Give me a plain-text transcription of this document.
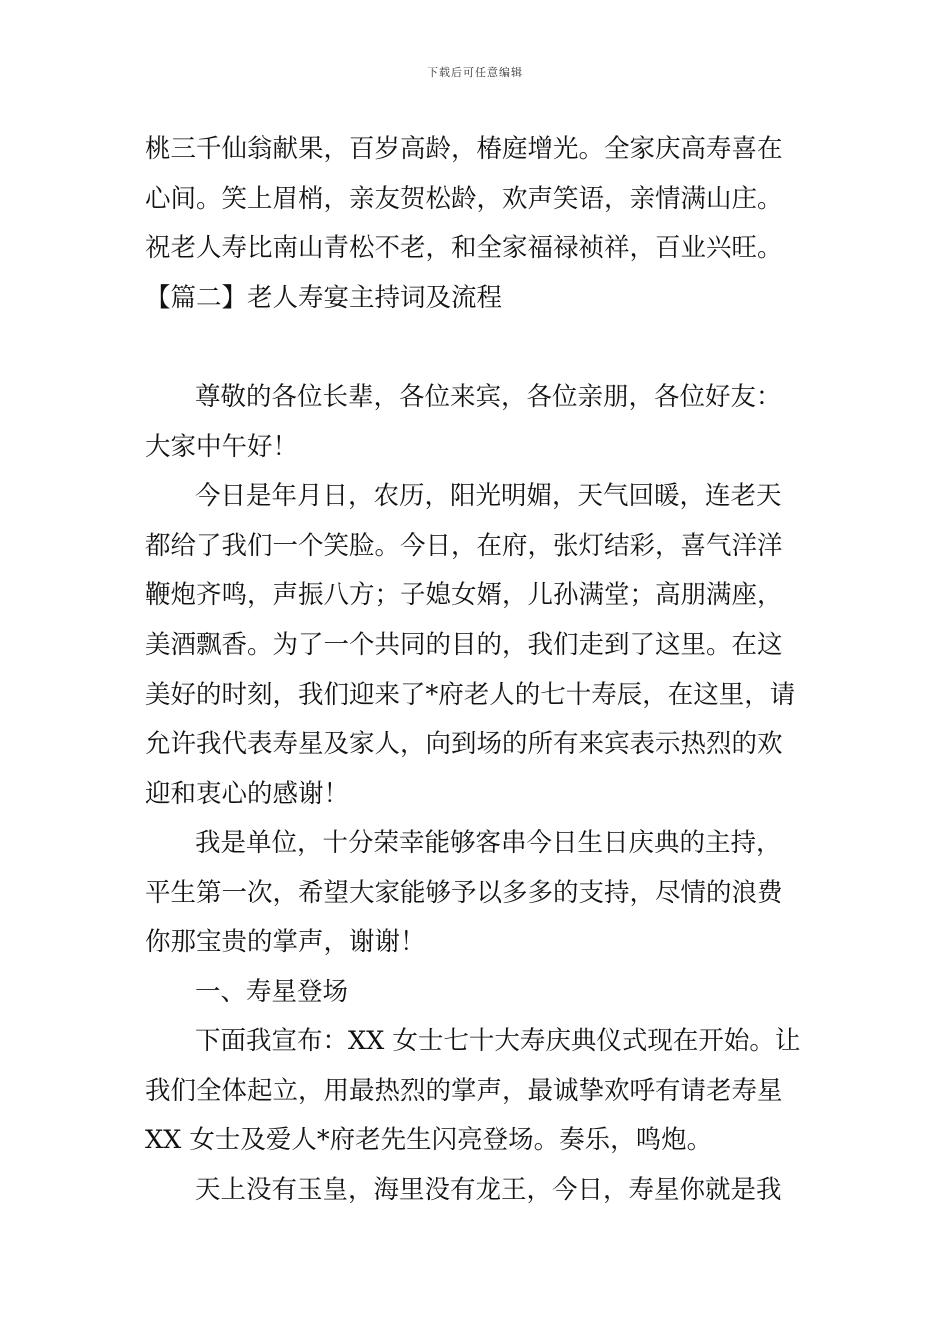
下载后可任意编辑
桃三千仙翁献果，百岁高龄，椿庭增光。全家庆高寿喜在
心间。笑上眉梢，亲友贺松龄，欢声笑语，亲情满山庄。
祝老人寿比南山青松不老，和全家福禄祯祥，百业兴旺。
【篇二】老人寿宴主持词及流程
尊敬的各位长辈，各位来宾，各位亲朋，各位好友：
大家中午好！
今日是年月日，农历，阳光明媚，天气回暖，连老天
都给了我们一个笑脸。今日，在府，张灯结彩，喜气洋洋
鞭炮齐鸣，声振八方；子媳女婿，儿孙满堂；高朋满座，
美酒飘香。为了一个共同的目的，我们走到了这里。在这
美好的时刻，我们迎来了*府老人的七十寿辰，在这里，请
允许我代表寿星及家人，向到场的所有来宾表示热烈的欢
迎和衷心的感谢！
我是单位，十分荣幸能够客串今日生日庆典的主持，
平生第一次，希望大家能够予以多多的支持，尽情的浪费
你那宝贵的掌声，谢谢！
一、寿星登场
下面我宣布：XX 女士七十大寿庆典仪式现在开始。让
我们全体起立，用最热烈的掌声，最诚挚欢呼有请老寿星
XX 女士及爱人*府老先生闪亮登场。奏乐，鸣炮。
天上没有玉皇，海里没有龙王，今日，寿星你就是我
